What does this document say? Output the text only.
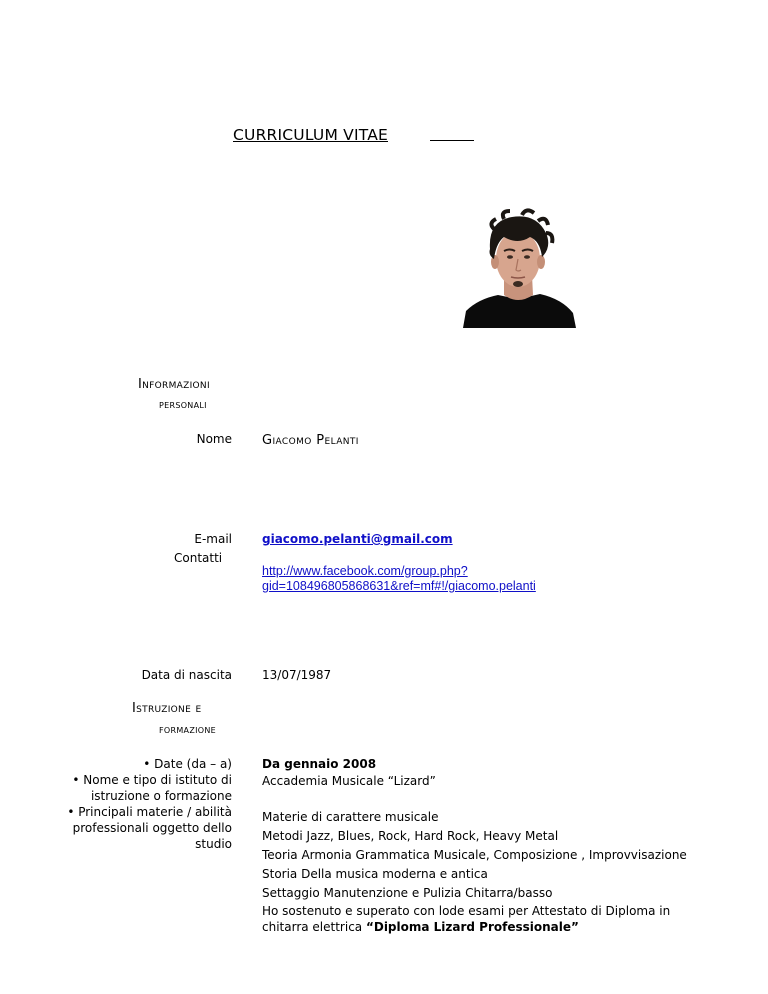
CURRICULUM VITAE
Informazioni
personali
Nome Giacomo Pelanti
E-mail	giacomo.pelanti@gmail.com
Contatti
http://www.facebook.com/group.php?
gid=108496805868631&ref=mf#!/giacomo.pelanti
Data di nascita	13/07/1987
Istruzione e
formazione
• Date (da – a)
• Nome e tipo di istituto di
istruzione o formazione
• Principali materie / abilità
professionali oggetto dello
studio
Da gennaio 2008
Accademia Musicale “Lizard”
Materie di carattere musicale
Metodi Jazz, Blues, Rock, Hard Rock, Heavy Metal
Teoria Armonia Grammatica Musicale, Composizione , Improvvisazione
Storia Della musica moderna e antica
Settaggio Manutenzione e Pulizia Chitarra/basso
Ho sostenuto e superato con lode esami per Attestato di Diploma in
chitarra elettrica “Diploma Lizard Professionale”
